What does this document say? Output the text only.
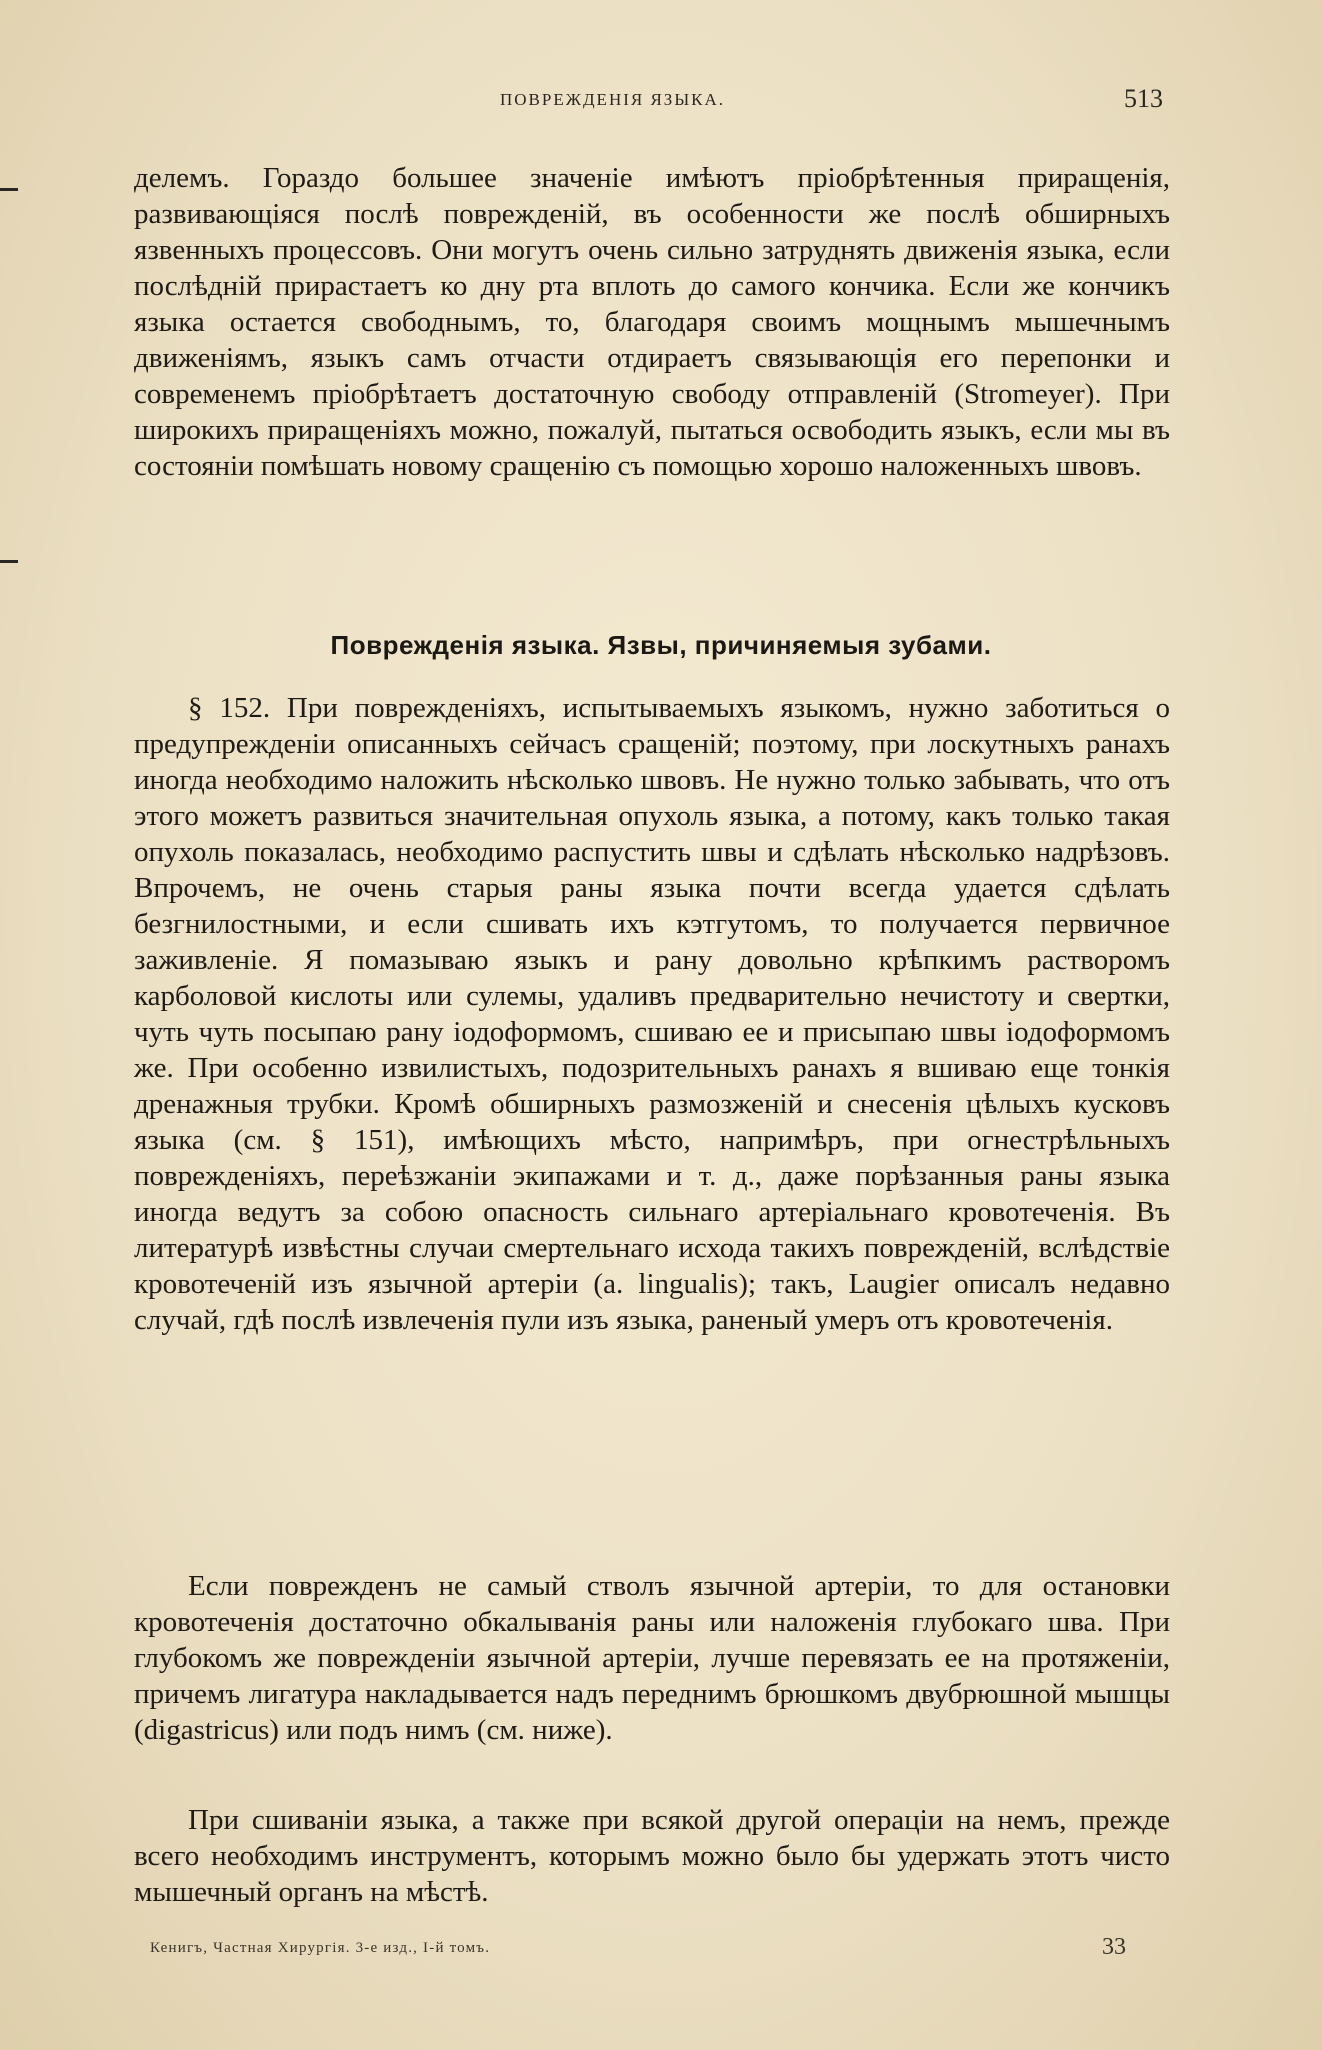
ПОВРЕЖДЕНІЯ ЯЗЫКА.	513

делемъ. Гораздо большее значеніе имѣютъ пріобрѣтенныя приращенія, развивающіяся послѣ поврежденій, въ особенности же послѣ обширныхъ язвенныхъ процессовъ. Они могутъ очень сильно затруднять движенія языка, если послѣдній прирастаетъ ко дну рта вплоть до самого кончика. Если же кончикъ языка остается свободнымъ, то, благодаря своимъ мощнымъ мышечнымъ движеніямъ, языкъ самъ отчасти отдираетъ связывающія его перепонки и современемъ пріобрѣтаетъ достаточную свободу отправленій (Stromeyer). При широкихъ приращеніяхъ можно, пожалуй, пытаться освободить языкъ, если мы въ состояніи помѣшать новому сращенію съ помощью хорошо наложенныхъ швовъ.

Поврежденія языка. Язвы, причиняемыя зубами.

§ 152. При поврежденіяхъ, испытываемыхъ языкомъ, нужно заботиться о предупрежденіи описанныхъ сейчасъ сращеній; поэтому, при лоскутныхъ ранахъ иногда необходимо наложить нѣсколько швовъ. Не нужно только забывать, что отъ этого можетъ развиться значительная опухоль языка, а потому, какъ только такая опухоль показалась, необходимо распустить швы и сдѣлать нѣсколько надрѣзовъ. Впрочемъ, не очень старыя раны языка почти всегда удается сдѣлать безгнилостными, и если сшивать ихъ кэтгутомъ, то получается первичное заживленіе. Я помазываю языкъ и рану довольно крѣпкимъ растворомъ карболовой кислоты или сулемы, удаливъ предварительно нечистоту и свертки, чуть чуть посыпаю рану іодоформомъ, сшиваю ее и присыпаю швы іодоформомъ же. При особенно извилистыхъ, подозрительныхъ ранахъ я вшиваю еще тонкія дренажныя трубки. Кромѣ обширныхъ размозженій и снесенія цѣлыхъ кусковъ языка (см. § 151), имѣющихъ мѣсто, напримѣръ, при огнестрѣльныхъ поврежденіяхъ, переѣзжаніи экипажами и т. д., даже порѣзанныя раны языка иногда ведутъ за собою опасность сильнаго артеріальнаго кровотеченія. Въ литературѣ извѣстны случаи смертельнаго исхода такихъ поврежденій, вслѣдствіе кровотеченій изъ язычной артеріи (a. lingualis); такъ, Laugier описалъ недавно случай, гдѣ послѣ извлеченія пули изъ языка, раненый умеръ отъ кровотеченія.

Если поврежденъ не самый стволъ язычной артеріи, то для остановки кровотеченія достаточно обкалыванія раны или наложенія глубокаго шва. При глубокомъ же поврежденіи язычной артеріи, лучше перевязать ее на протяженіи, причемъ лигатура накладывается надъ переднимъ брюшкомъ двубрюшной мышцы (digastricus) или подъ нимъ (см. ниже).

При сшиваніи языка, а также при всякой другой операціи на немъ, прежде всего необходимъ инструментъ, которымъ можно было бы удержать этотъ чисто мышечный органъ на мѣстѣ.

Кенигъ, Частная Хирургія. 3-е изд., І-й томъ.	33
